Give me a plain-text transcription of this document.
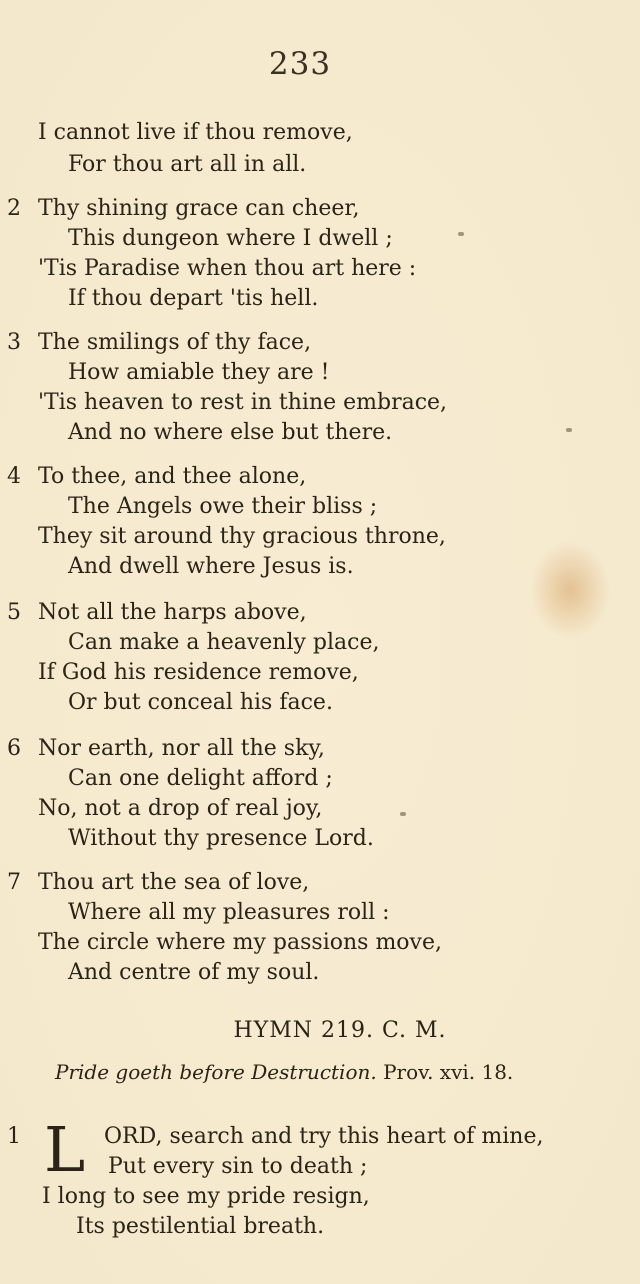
233
I cannot live if thou remove,
For thou art all in all.
2 Thy shining grace can cheer,
This dungeon where I dwell ;
'Tis Paradise when thou art here :
If thou depart 'tis hell.
3 The smilings of thy face,
How amiable they are !
'Tis heaven to rest in thine embrace,
And no where else but there.
4 To thee, and thee alone,
The Angels owe their bliss ;
They sit around thy gracious throne,
And dwell where Jesus is.
5 Not all the harps above,
Can make a heavenly place,
If God his residence remove,
Or but conceal his face.
6 Nor earth, nor all the sky,
Can one delight afford ;
No, not a drop of real joy,
Without thy presence Lord.
7 Thou art the sea of love,
Where all my pleasures roll :
The circle where my passions move,
And centre of my soul.
HYMN 219. C. M.
Pride goeth before Destruction. Prov. xvi. 18.
1	ORD, search and try this heart of mine,
Put every sin to death ;
I long to see my pride resign,
Its pestilential breath.
L
